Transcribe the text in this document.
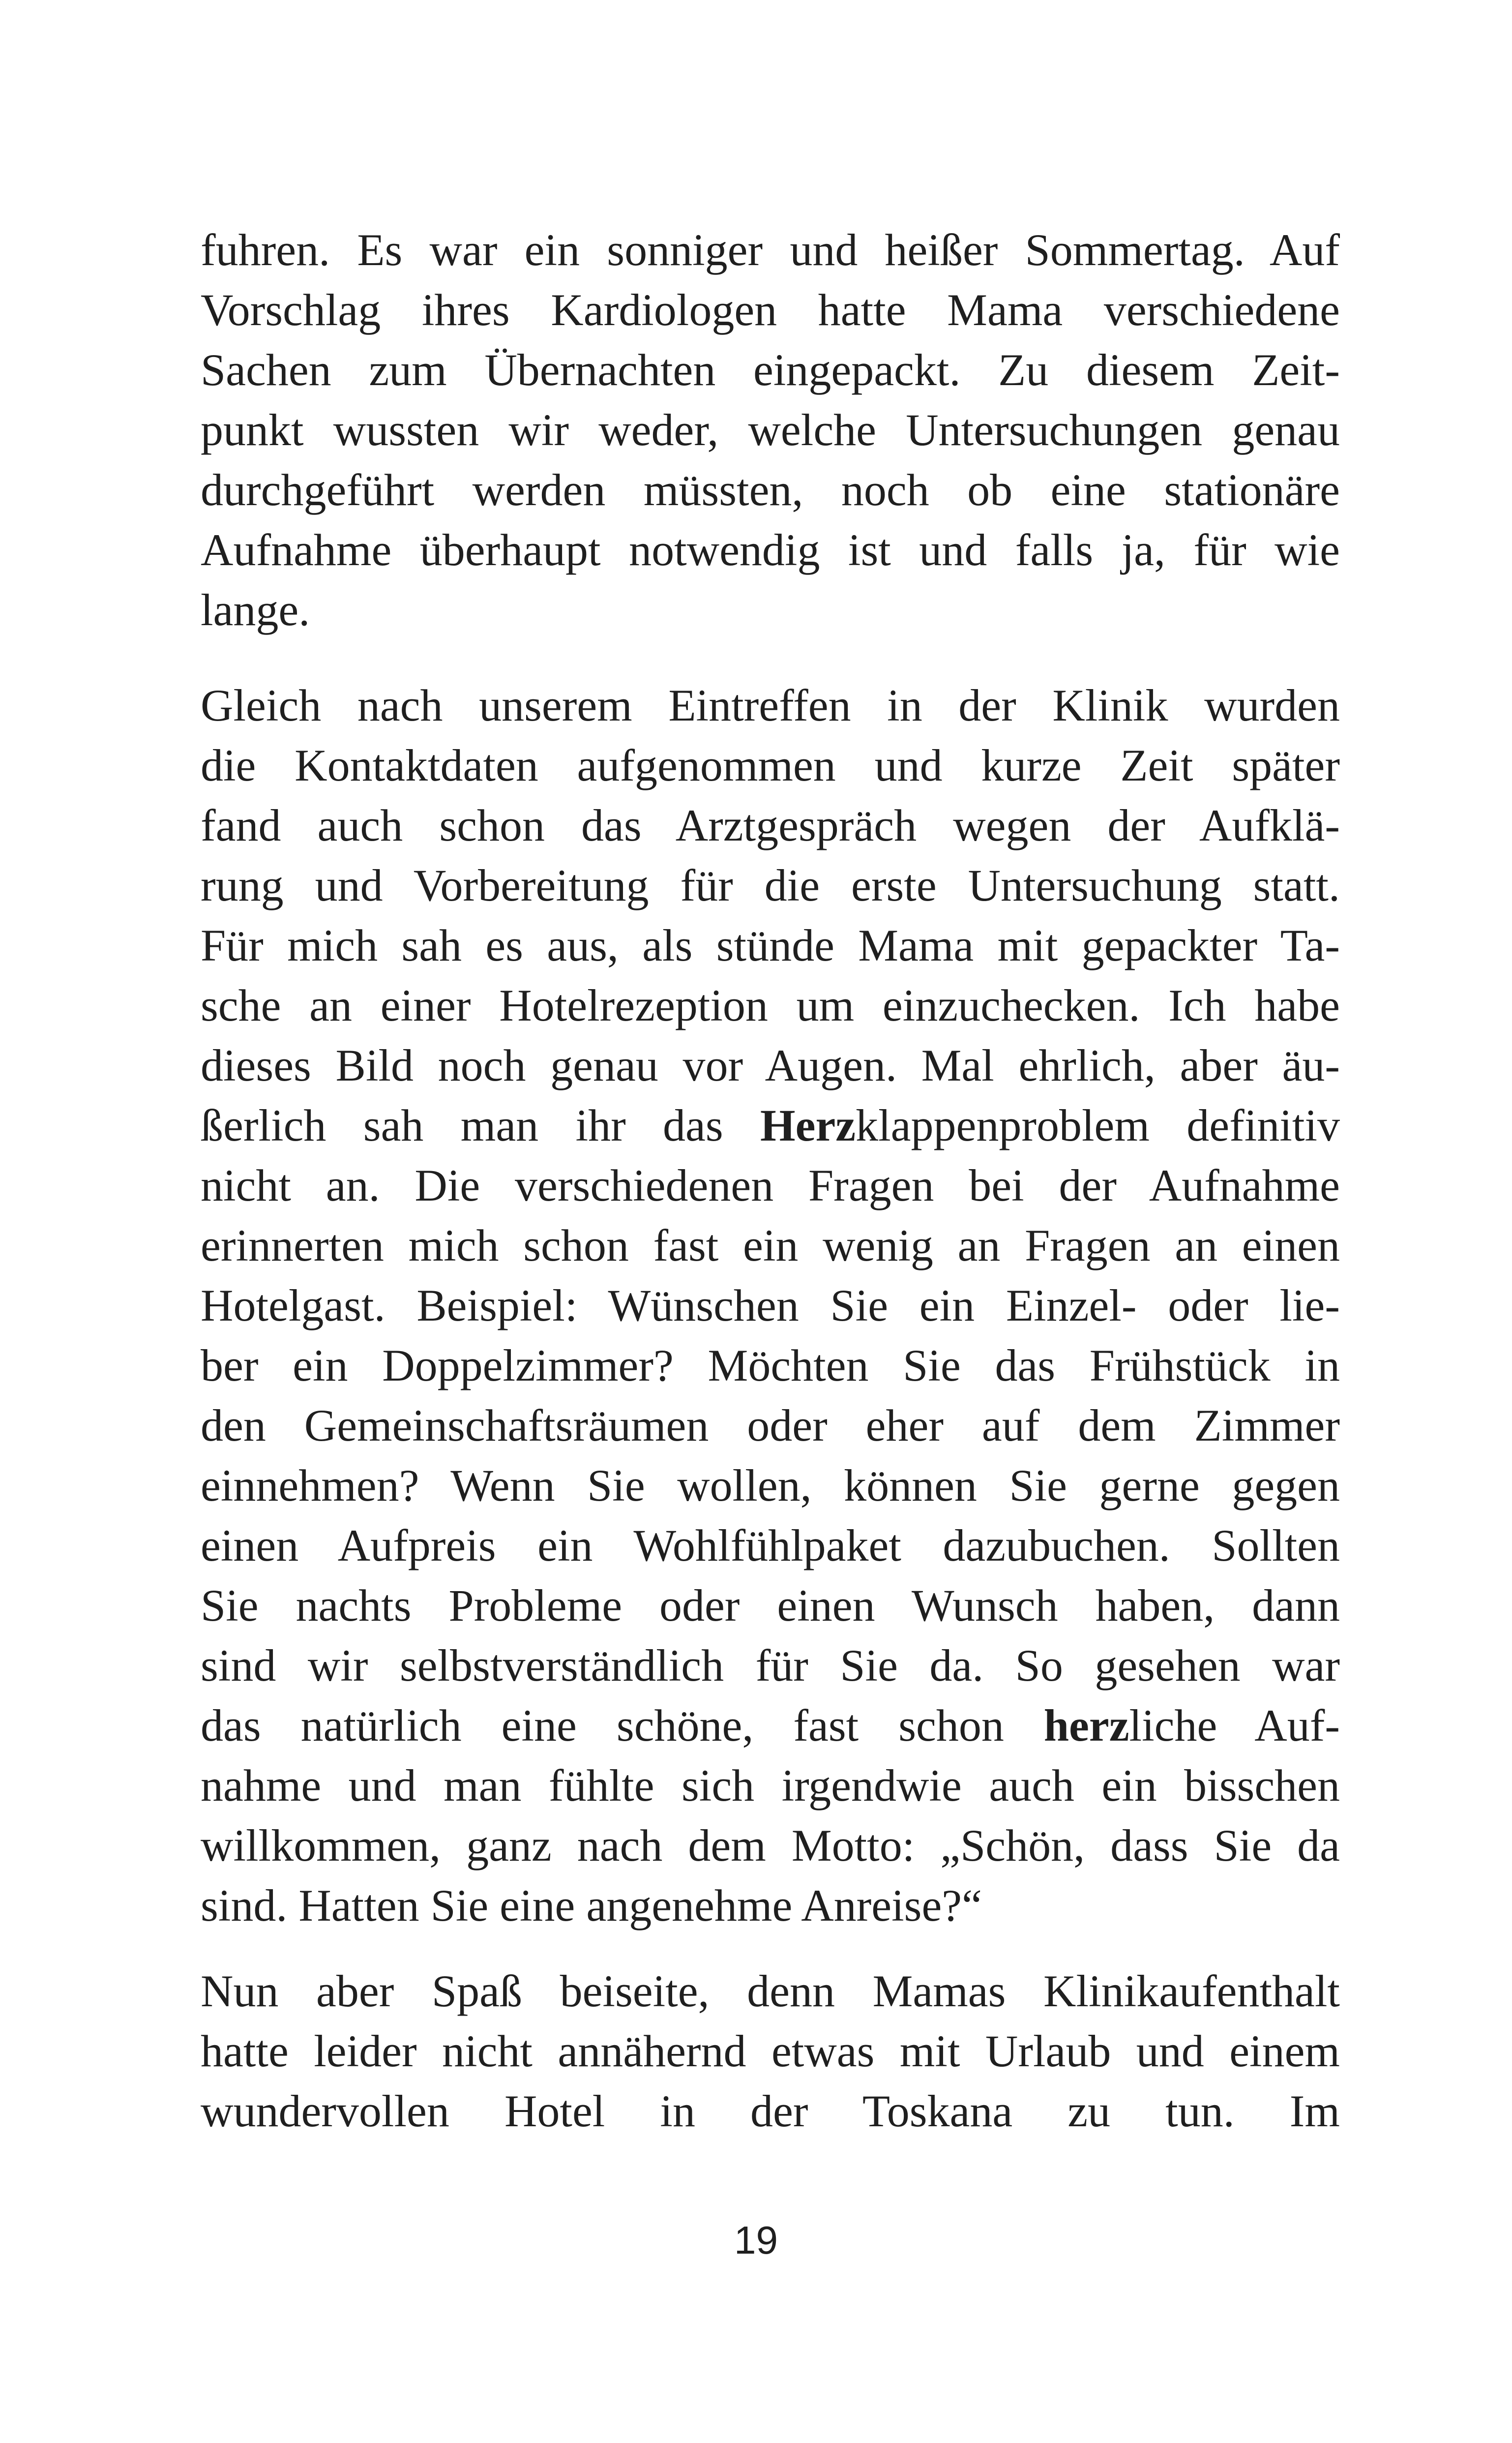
fuhren. Es war ein sonniger und heißer Sommertag. Auf
Vorschlag ihres Kardiologen hatte Mama verschiedene
Sachen zum Übernachten eingepackt. Zu diesem Zeit-
punkt wussten wir weder, welche Untersuchungen genau
durchgeführt werden müssten, noch ob eine stationäre
Aufnahme überhaupt notwendig ist und falls ja, für wie
lange.
Gleich nach unserem Eintreffen in der Klinik wurden
die Kontaktdaten aufgenommen und kurze Zeit später
fand auch schon das Arztgespräch wegen der Aufklä-
rung und Vorbereitung für die erste Untersuchung statt.
Für mich sah es aus, als stünde Mama mit gepackter Ta-
sche an einer Hotelrezeption um einzuchecken. Ich habe
dieses Bild noch genau vor Augen. Mal ehrlich, aber äu-
ßerlich sah man ihr das Herzklappenproblem definitiv
nicht an. Die verschiedenen Fragen bei der Aufnahme
erinnerten mich schon fast ein wenig an Fragen an einen
Hotelgast. Beispiel: Wünschen Sie ein Einzel- oder lie-
ber ein Doppelzimmer? Möchten Sie das Frühstück in
den Gemeinschaftsräumen oder eher auf dem Zimmer
einnehmen? Wenn Sie wollen, können Sie gerne gegen
einen Aufpreis ein Wohlfühlpaket dazubuchen. Sollten
Sie nachts Probleme oder einen Wunsch haben, dann
sind wir selbstverständlich für Sie da. So gesehen war
das natürlich eine schöne, fast schon herzliche Auf-
nahme und man fühlte sich irgendwie auch ein bisschen
willkommen, ganz nach dem Motto: „Schön, dass Sie da
sind. Hatten Sie eine angenehme Anreise?“
Nun aber Spaß beiseite, denn Mamas Klinikaufenthalt
hatte leider nicht annähernd etwas mit Urlaub und einem
wundervollen Hotel in der Toskana zu tun. Im
19
